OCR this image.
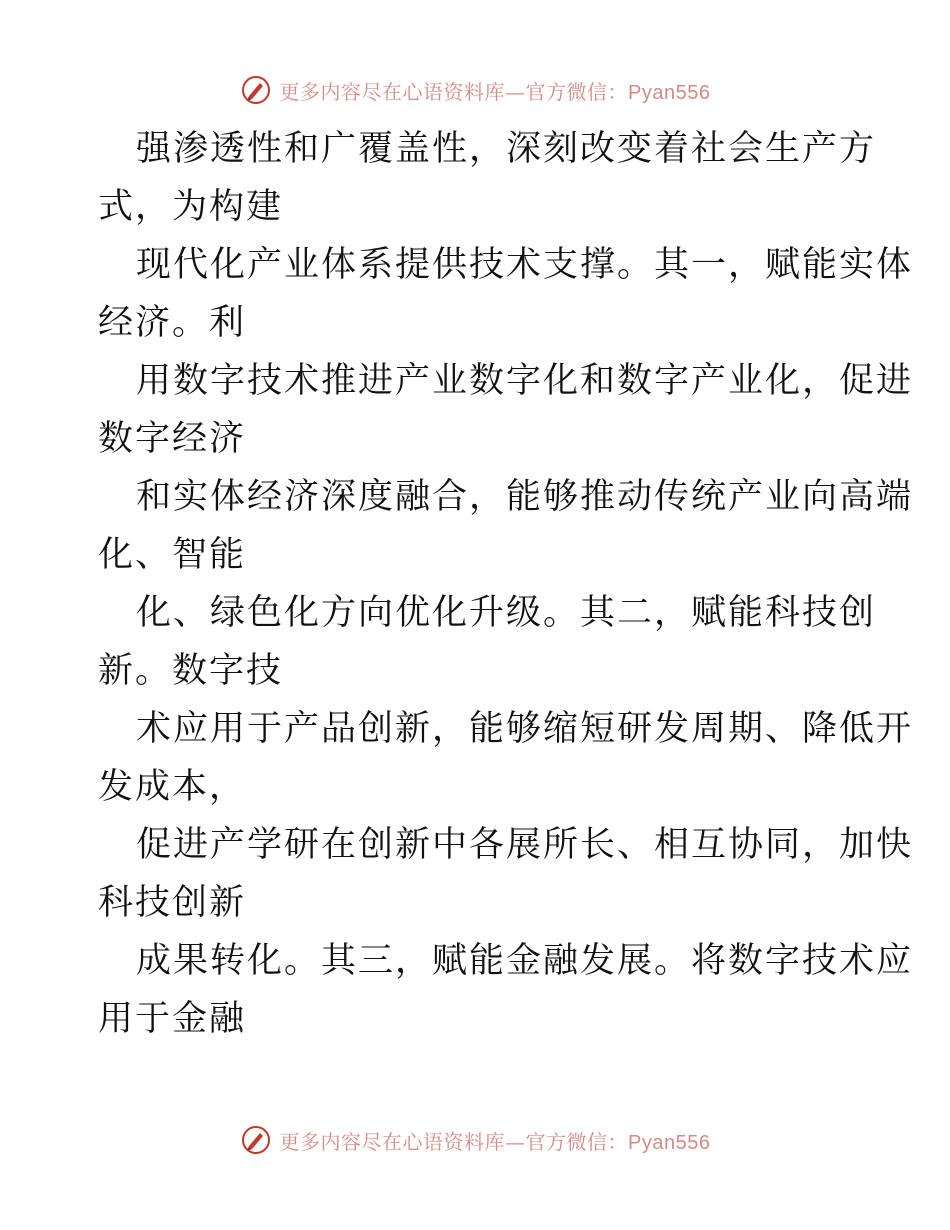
更多内容尽在心语资料库—官方微信：Pyan556
强渗透性和广覆盖性，深刻改变着社会生产方
式，为构建
现代化产业体系提供技术支撑。其一，赋能实体
经济。利
用数字技术推进产业数字化和数字产业化，促进
数字经济
和实体经济深度融合，能够推动传统产业向高端
化、智能
化、绿色化方向优化升级。其二，赋能科技创
新。数字技
术应用于产品创新，能够缩短研发周期、降低开
发成本，
促进产学研在创新中各展所长、相互协同，加快
科技创新
成果转化。其三，赋能金融发展。将数字技术应
用于金融
更多内容尽在心语资料库—官方微信：Pyan556
